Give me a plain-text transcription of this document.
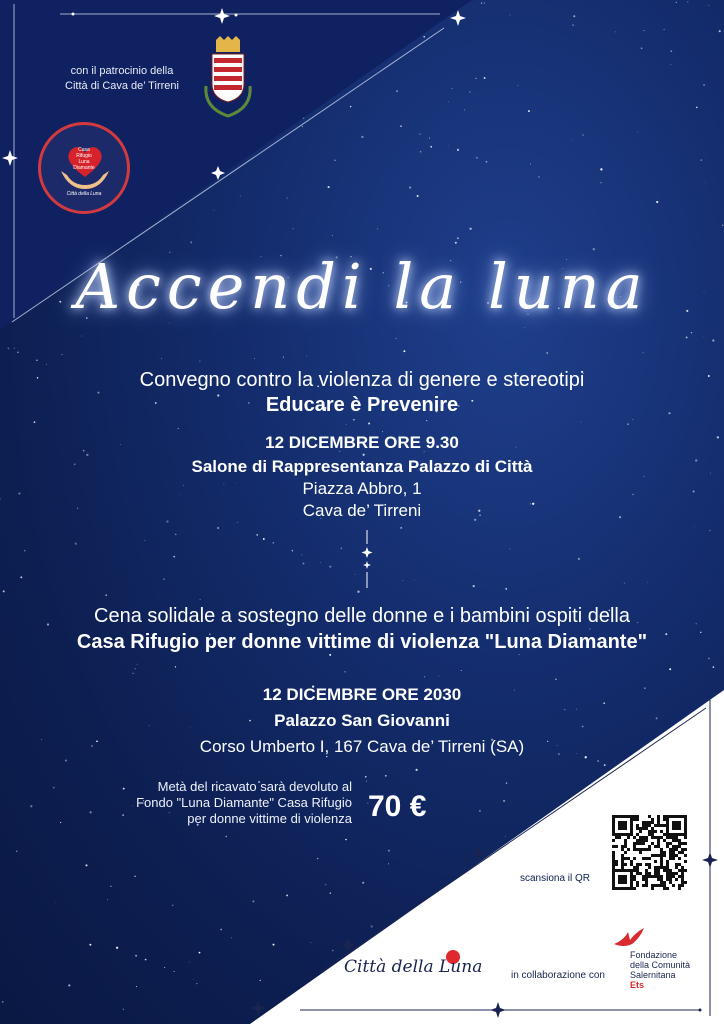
con il patrocinio della
Città di Cava de’ Tirreni
Casa
Rifugio
Luna
Diamante
Città della Luna
Accendi la luna
Convegno contro la violenza di genere e stereotipi
Educare è Prevenire
12 DICEMBRE ORE 9.30
Salone di Rappresentanza Palazzo di Città
Piazza Abbro, 1
Cava de’ Tirreni
Cena solidale a sostegno delle donne e i bambini ospiti della
Casa Rifugio per donne vittime di violenza "Luna Diamante"
12 DICEMBRE ORE 2030
Palazzo San Giovanni
Corso Umberto I, 167 Cava de’ Tirreni (SA)
Metà del ricavato sarà devoluto al
Fondo "Luna Diamante" Casa Rifugio
per donne vittime di violenza 70 €
scansiona il QR
Città della Luna	in collaborazione con
Fondazione
della Comunità
Salernitana
Ets
